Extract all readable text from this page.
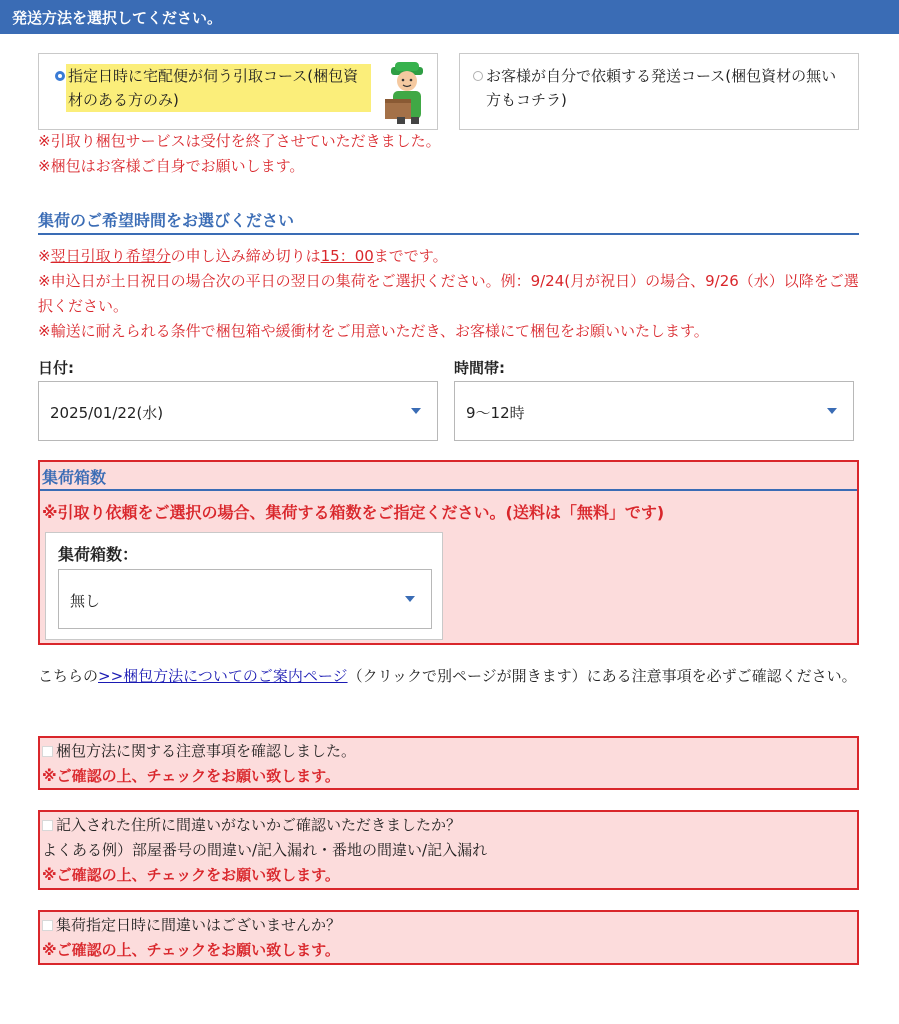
発送方法を選択してください。
指定日時に宅配便が伺う引取コース(梱包資材のある方のみ)
お客様が自分で依頼する発送コース(梱包資材の無い方もコチラ)
※引取り梱包サービスは受付を終了させていただきました。
※梱包はお客様ご自身でお願いします。
集荷のご希望時間をお選びください
※翌日引取り希望分の申し込み締め切りは15：00までです。
※申込日が土日祝日の場合次の平日の翌日の集荷をご選択ください。例：9/24(月が祝日）の場合、9/26（水）以降をご選択ください。
※輸送に耐えられる条件で梱包箱や緩衝材をご用意いただき、お客様にて梱包をお願いいたします。
日付:
2025/01/22(水)
時間帯:
9〜12時
集荷箱数
※引取り依頼をご選択の場合、集荷する箱数をご指定ください。(送料は「無料」です)
集荷箱数：
無し
こちらの>>梱包方法についてのご案内ページ（クリックで別ページが開きます）にある注意事項を必ずご確認ください。
梱包方法に関する注意事項を確認しました。
※ご確認の上、チェックをお願い致します。
記入された住所に間違いがないかご確認いただきましたか？
よくある例）部屋番号の間違い/記入漏れ・番地の間違い/記入漏れ
※ご確認の上、チェックをお願い致します。
集荷指定日時に間違いはございませんか？
※ご確認の上、チェックをお願い致します。
